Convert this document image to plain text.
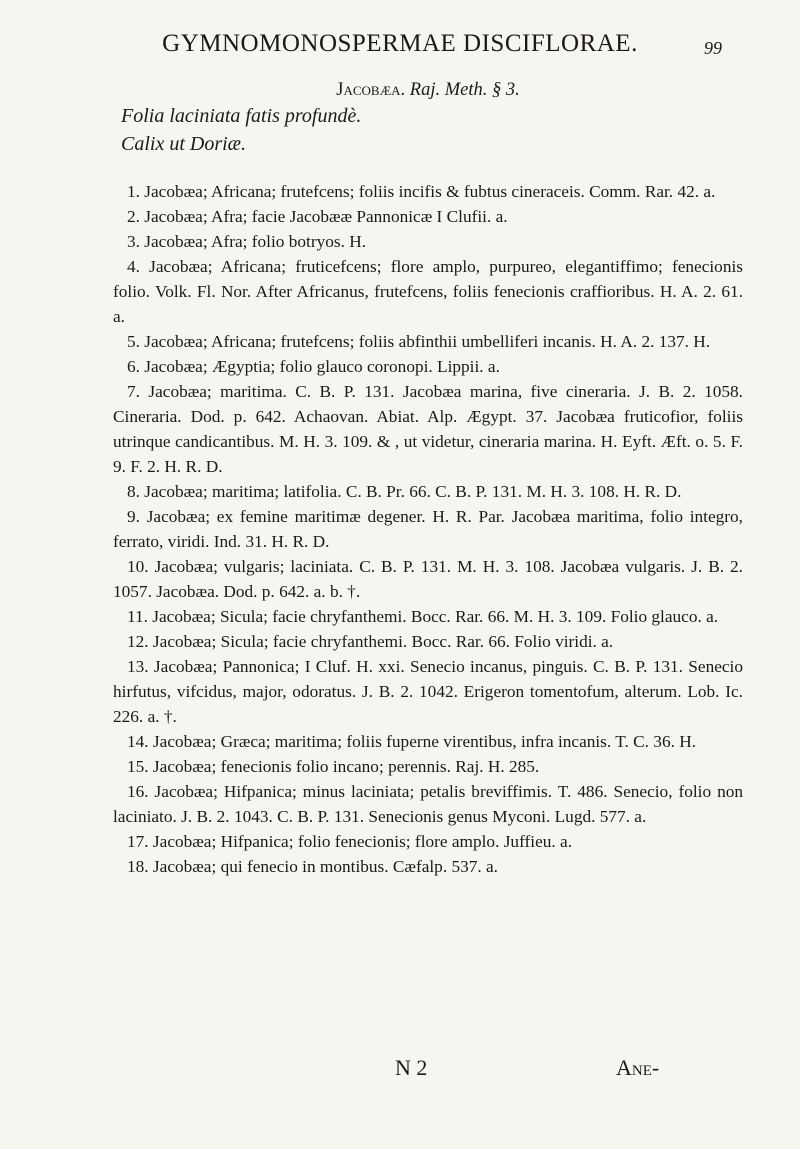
GYMNOMONOSPERMAE DISCIFLORAE.	99
Jacobæa. Raj. Meth. § 3.

Folia laciniata fatis profundè.

Calix ut Doriæ.

1. Jacobæa; Africana; frutefcens; foliis incifis & fubtus cineraceis. Comm. Rar. 42. a.

2. Jacobæa; Afra; facie Jacobææ Pannonicæ I Clufii. a.

3. Jacobæa; Afra; folio botryos. H.

4. Jacobæa; Africana; fruticefcens; flore amplo, purpureo, elegantiffimo; fenecionis folio. Volk. Fl. Nor. After Africanus, frutefcens, foliis fenecionis craffioribus. H. A. 2. 61. a.

5. Jacobæa; Africana; frutefcens; foliis abfinthii umbelliferi incanis. H. A. 2. 137. H.

6. Jacobæa; Ægyptia; folio glauco coronopi. Lippii. a.

7. Jacobæa; maritima. C. B. P. 131. Jacobæa marina, five cineraria. J. B. 2. 1058. Cineraria. Dod. p. 642. Achaovan. Abiat. Alp. Ægypt. 37. Jacobæa fruticofior, foliis utrinque candicantibus. M. H. 3. 109. & , ut videtur, cineraria marina. H. Eyft. Æft. o. 5. F. 9. F. 2. H. R. D.

8. Jacobæa; maritima; latifolia. C. B. Pr. 66. C. B. P. 131. M. H. 3. 108. H. R. D.

9. Jacobæa; ex femine maritimæ degener. H. R. Par. Jacobæa maritima, folio integro, ferrato, viridi. Ind. 31. H. R. D.

10. Jacobæa; vulgaris; laciniata. C. B. P. 131. M. H. 3. 108. Jacobæa vulgaris. J. B. 2. 1057. Jacobæa. Dod. p. 642. a. b. †.

11. Jacobæa; Sicula; facie chryfanthemi. Bocc. Rar. 66. M. H. 3. 109. Folio glauco. a.

12. Jacobæa; Sicula; facie chryfanthemi. Bocc. Rar. 66. Folio viridi. a.

13. Jacobæa; Pannonica; I Cluf. H. xxi. Senecio incanus, pinguis. C. B. P. 131. Senecio hirfutus, vifcidus, major, odoratus. J. B. 2. 1042. Erigeron tomentofum, alterum. Lob. Ic. 226. a. †.

14. Jacobæa; Græca; maritima; foliis fuperne virentibus, infra incanis. T. C. 36. H.

15. Jacobæa; fenecionis folio incano; perennis. Raj. H. 285.

16. Jacobæa; Hifpanica; minus laciniata; petalis breviffimis. T. 486. Senecio, folio non laciniato. J. B. 2. 1043. C. B. P. 131. Senecionis genus Myconi. Lugd. 577. a.

17. Jacobæa; Hifpanica; folio fenecionis; flore amplo. Juffieu. a.

18. Jacobæa; qui fenecio in montibus. Cæfalp. 537. a.

N 2	Ane-
